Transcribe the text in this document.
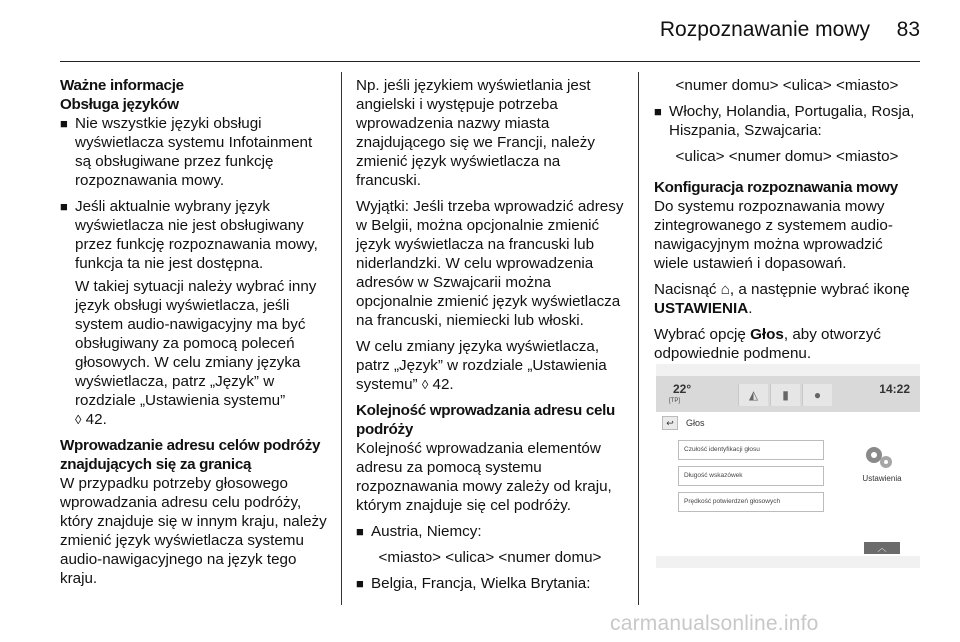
Rozpoznawanie mowy 83
Ważne informacje
Obsługa języków
■ Nie wszystkie języki obsługi wyświetlacza systemu Infotainment są obsługiwane przez funkcję rozpoznawania mowy.
■ Jeśli aktualnie wybrany język wyświetlacza nie jest obsługiwany przez funkcję rozpoznawania mowy, funkcja ta nie jest dostępna.
W takiej sytuacji należy wybrać inny język obsługi wyświetlacza, jeśli system audio-nawigacyjny ma być obsługiwany za pomocą poleceń głosowych. W celu zmiany języka wyświetlacza, patrz „Język” w rozdziale „Ustawienia systemu”
◊ 42.
Wprowadzanie adresu celów podróży znajdujących się za granicą
W przypadku potrzeby głosowego wprowadzania adresu celu podróży, który znajduje się w innym kraju, należy zmienić język wyświetlacza systemu audio-nawigacyjnego na język tego kraju.
Np. jeśli językiem wyświetlania jest angielski i występuje potrzeba wprowadzenia nazwy miasta znajdującego się we Francji, należy zmienić język wyświetlacza na francuski.
Wyjątki: Jeśli trzeba wprowadzić adresy w Belgii, można opcjonalnie zmienić język wyświetlacza na francuski lub niderlandzki. W celu wprowadzenia adresów w Szwajcarii można opcjonalnie zmienić język wyświetlacza na francuski, niemiecki lub włoski.
W celu zmiany języka wyświetlacza, patrz „Język” w rozdziale „Ustawienia systemu” ◊ 42.
Kolejność wprowadzania adresu celu podróży
Kolejność wprowadzania elementów adresu za pomocą systemu rozpoznawania mowy zależy od kraju, którym znajduje się cel podróży.
■ Austria, Niemcy:
<miasto> <ulica> <numer domu>
■ Belgia, Francja, Wielka Brytania:
<numer domu> <ulica> <miasto>
■ Włochy, Holandia, Portugalia, Rosja, Hiszpania, Szwajcaria:
<ulica> <numer domu> <miasto>
Konfiguracja rozpoznawania mowy
Do systemu rozpoznawania mowy zintegrowanego z systemem audio-nawigacyjnym można wprowadzić wiele ustawień i dopasowań.
Nacisnąć ⌂, a następnie wybrać ikonę USTAWIENIA.
Wybrać opcję Głos, aby otworzyć odpowiednie podmenu.
22°
[TP]	◭	▮	●	14:22
↩	Głos
Czułość identyfikacji głosu
Długość wskazówek
Prędkość potwierdzeń głosowych
Ustawienia
︿
carmanualsonline.info
